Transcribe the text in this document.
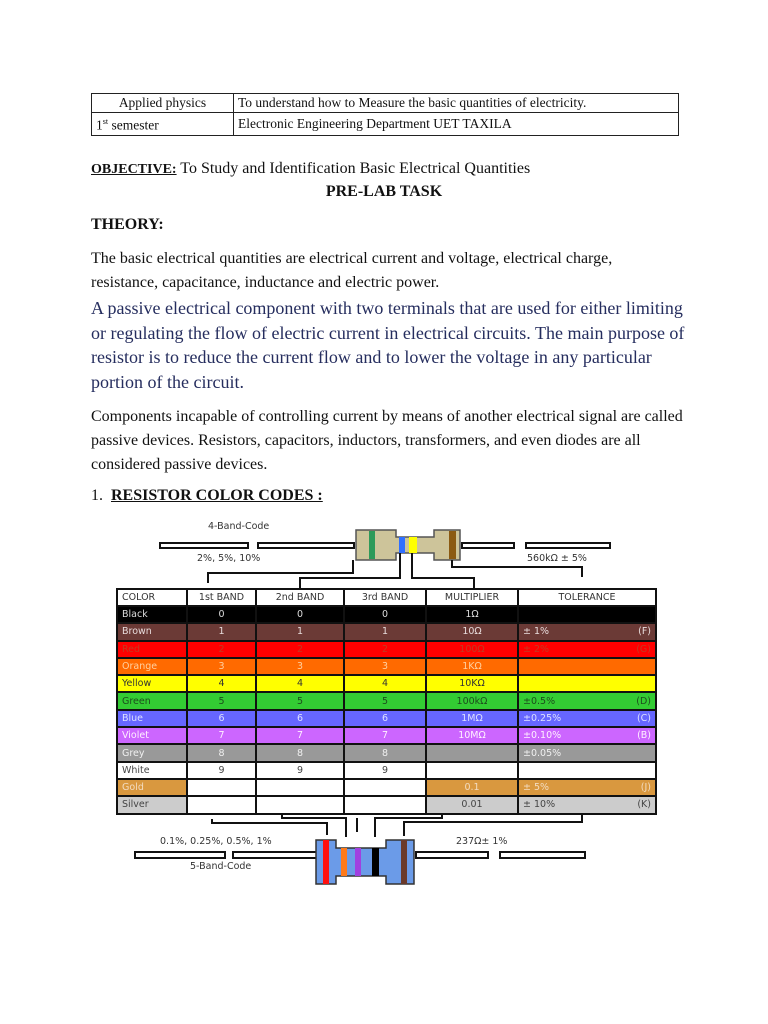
Applied physics	To understand how to Measure the basic quantities of electricity.
1st semester	Electronic Engineering Department UET TAXILA
OBJECTIVE: To Study and Identification Basic Electrical Quantities
PRE-LAB TASK
THEORY:
The basic electrical quantities are electrical current and voltage, electrical charge, resistance, capacitance, inductance and electric power.
A passive electrical component with two terminals that are used for either limiting or regulating the flow of electric current in electrical circuits. The main purpose of resistor is to reduce the current flow and to lower the voltage in any particular portion of the circuit.
Components incapable of controlling current by means of another electrical signal are called passive devices. Resistors, capacitors, inductors, transformers, and even diodes are all considered passive devices.
1. RESISTOR COLOR CODES :
4-Band-Code
2%, 5%, 10%	560kΩ ± 5%
0.1%, 0.25%, 0.5%, 1%	237Ω± 1%
5-Band-Code
COLOR	1st BAND	2nd BAND	3rd BAND	MULTIPLIER	TOLERANCE
Black	0	0	0	1Ω	

Brown	1	1	1	10Ω	± 1% (F)

Red	2	2	2	100Ω	± 2% (G)

Orange	3	3	3	1KΩ	

Yellow	4	4	4	10KΩ	

Green	5	5	5	100kΩ	±0.5% (D)

Blue	6	6	6	1MΩ	±0.25% (C)

Violet	7	7	7	10MΩ	±0.10% (B)

Grey	8	8	8		±0.05%

White	9	9	9		

Gold				0.1	± 5% (J)

Silver				0.01	± 10% (K)
